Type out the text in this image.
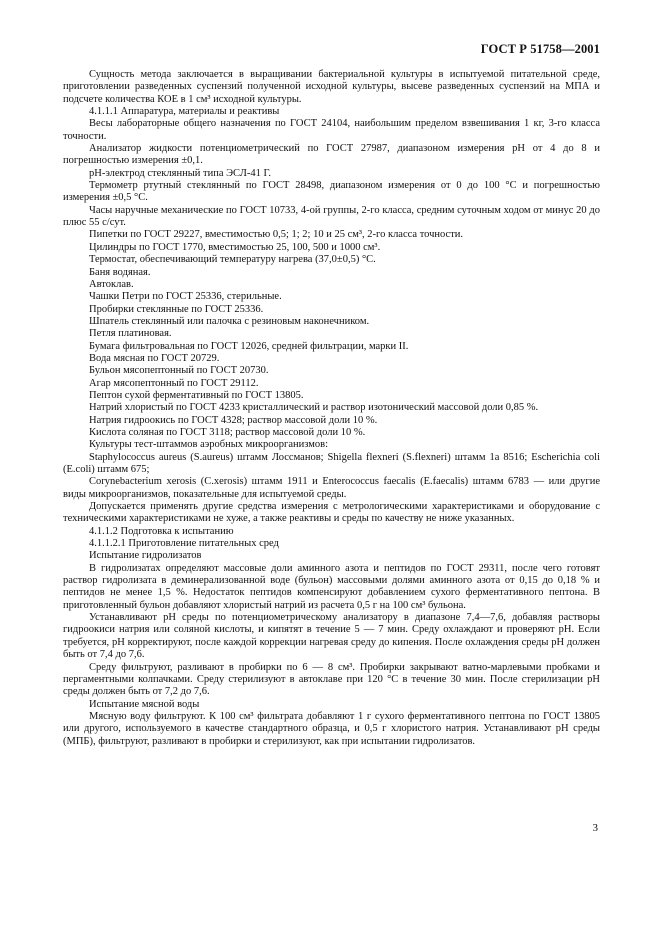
ГОСТ Р 51758—2001

Сущность метода заключается в выращивании бактериальной культуры в испытуемой питательной среде, приготовлении разведенных суспензий полученной исходной культуры, высеве разведенных суспензий на МПА и подсчете количества КОЕ в 1 см³ исходной культуры.

4.1.1.1 Аппаратура, материалы и реактивы

Весы лабораторные общего назначения по ГОСТ 24104, наибольшим пределом взвешивания 1 кг, 3-го класса точности.

Анализатор жидкости потенциометрический по ГОСТ 27987, диапазоном измерения рН от 4 до 8 и погрешностью измерения ±0,1.

рН-электрод стеклянный типа ЭСЛ-41 Г.

Термометр ртутный стеклянный по ГОСТ 28498, диапазоном измерения от 0 до 100 °С и погрешностью измерения ±0,5 °С.

Часы наручные механические по ГОСТ 10733, 4-ой группы, 2-го класса, средним суточным ходом от минус 20 до плюс 55 с/сут.

Пипетки по ГОСТ 29227, вместимостью 0,5; 1; 2; 10 и 25 см³, 2-го класса точности.

Цилиндры по ГОСТ 1770, вместимостью 25, 100, 500 и 1000 см³.

Термостат, обеспечивающий температуру нагрева (37,0±0,5) °С.

Баня водяная.

Автоклав.

Чашки Петри по ГОСТ 25336, стерильные.

Пробирки стеклянные по ГОСТ 25336.

Шпатель стеклянный или палочка с резиновым наконечником.

Петля платиновая.

Бумага фильтровальная по ГОСТ 12026, средней фильтрации, марки II.

Вода мясная по ГОСТ 20729.

Бульон мясопептонный по ГОСТ 20730.

Агар мясопептонный по ГОСТ 29112.

Пептон сухой ферментативный по ГОСТ 13805.

Натрий хлористый по ГОСТ 4233 кристаллический и раствор изотонический массовой доли 0,85 %.

Натрия гидроокись по ГОСТ 4328; раствор массовой доли 10 %.

Кислота соляная по ГОСТ 3118; раствор массовой доли 10 %.

Культуры тест-штаммов аэробных микроорганизмов:

Staphylococcus aureus (S.aureus) штамм Лоссманов; Shigella flexneri (S.flexneri) штамм 1а 8516; Escherichia coli (E.coli) штамм 675;

Corynebacterium xerosis (C.xerosis) штамм 1911 и Enterococcus faecalis (E.faecalis) штамм 6783 — или другие виды микроорганизмов, показательные для испытуемой среды.

Допускается применять другие средства измерения с метрологическими характеристиками и оборудование с техническими характеристиками не хуже, а также реактивы и среды по качеству не ниже указанных.

4.1.1.2 Подготовка к испытанию

4.1.1.2.1 Приготовление питательных сред

Испытание гидролизатов

В гидролизатах определяют массовые доли аминного азота и пептидов по ГОСТ 29311, после чего готовят раствор гидролизата в деминерализованной воде (бульон) массовыми долями аминного азота от 0,15 до 0,18 % и пептидов не менее 1,5 %. Недостаток пептидов компенсируют добавлением сухого ферментативного пептона. В приготовленный бульон добавляют хлористый натрий из расчета 0,5 г на 100 см³ бульона.

Устанавливают рН среды по потенциометрическому анализатору в диапазоне 7,4—7,6, добавляя растворы гидроокиси натрия или соляной кислоты, и кипятят в течение 5 — 7 мин. Среду охлаждают и проверяют рН. Если требуется, рН корректируют, после каждой коррекции нагревая среду до кипения. После охлаждения среды рН должен быть от 7,4 до 7,6.

Среду фильтруют, разливают в пробирки по 6 — 8 см³. Пробирки закрывают ватно-марлевыми пробками и пергаментными колпачками. Среду стерилизуют в автоклаве при 120 °С в течение 30 мин. После стерилизации рН среды должен быть от 7,2 до 7,6.

Испытание мясной воды

Мясную воду фильтруют. К 100 см³ фильтрата добавляют 1 г сухого ферментативного пептона по ГОСТ 13805 или другого, используемого в качестве стандартного образца, и 0,5 г хлористого натрия. Устанавливают рН среды (МПБ), фильтруют, разливают в пробирки и стерилизуют, как при испытании гидролизатов.

3
